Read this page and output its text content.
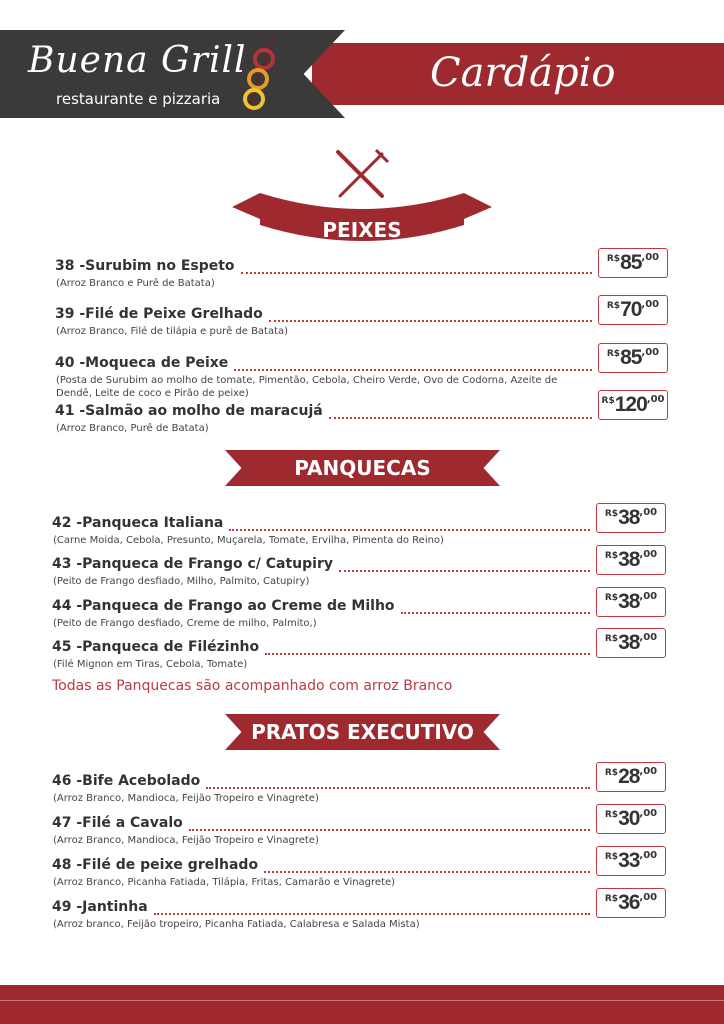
Buena Grill
restaurante e pizzaria
Cardápio
PEIXES
PANQUECAS
PRATOS EXECUTIVO
38 -Surubim no Espeto
(Arroz Branco e Purê de Batata)
R$ 85 ,00
39 -Filé de Peixe Grelhado
(Arroz Branco, Filé de tilápia e purê de Batata)
R$ 70 ,00
40 -Moqueca de Peixe
(Posta de Surubim ao molho de tomate, Pimentão, Cebola, Cheiro Verde, Ovo de Codorna, Azeite de Dendê, Leite de coco e Pirão de peixe)
R$ 85 ,00
41 -Salmão ao molho de maracujá
(Arroz Branco, Purê de Batata)
R$ 120 ,00
42 -Panqueca Italiana
(Carne Moida, Cebola, Presunto, Muçarela, Tomate, Ervilha, Pimenta do Reino)
R$ 38 ,00
43 -Panqueca de Frango c/ Catupiry
(Peito de Frango desfiado, Milho, Palmito, Catupiry)
R$ 38 ,00
44 -Panqueca de Frango ao Creme de Milho
(Peito de Frango desfiado, Creme de milho, Palmito,)
R$ 38 ,00
45 -Panqueca de Filézinho
(Filé Mignon em Tiras, Cebola, Tomate)
R$ 38 ,00
46 -Bife Acebolado
(Arroz Branco, Mandioca, Feijão Tropeiro e Vinagrete)
R$ 28 ,00
47 -Filé a Cavalo
(Arroz Branco, Mandioca, Feijão Tropeiro e Vinagrete)
R$ 30 ,00
48 -Filé de peixe grelhado
(Arroz Branco, Picanha Fatiada, Tilápia, Fritas, Camarão e Vinagrete)
R$ 33 ,00
49 -Jantinha
(Arroz branco, Feijão tropeiro, Picanha Fatiada, Calabresa e Salada Mista)
R$ 36 ,00
Todas as Panquecas são acompanhado com arroz Branco
